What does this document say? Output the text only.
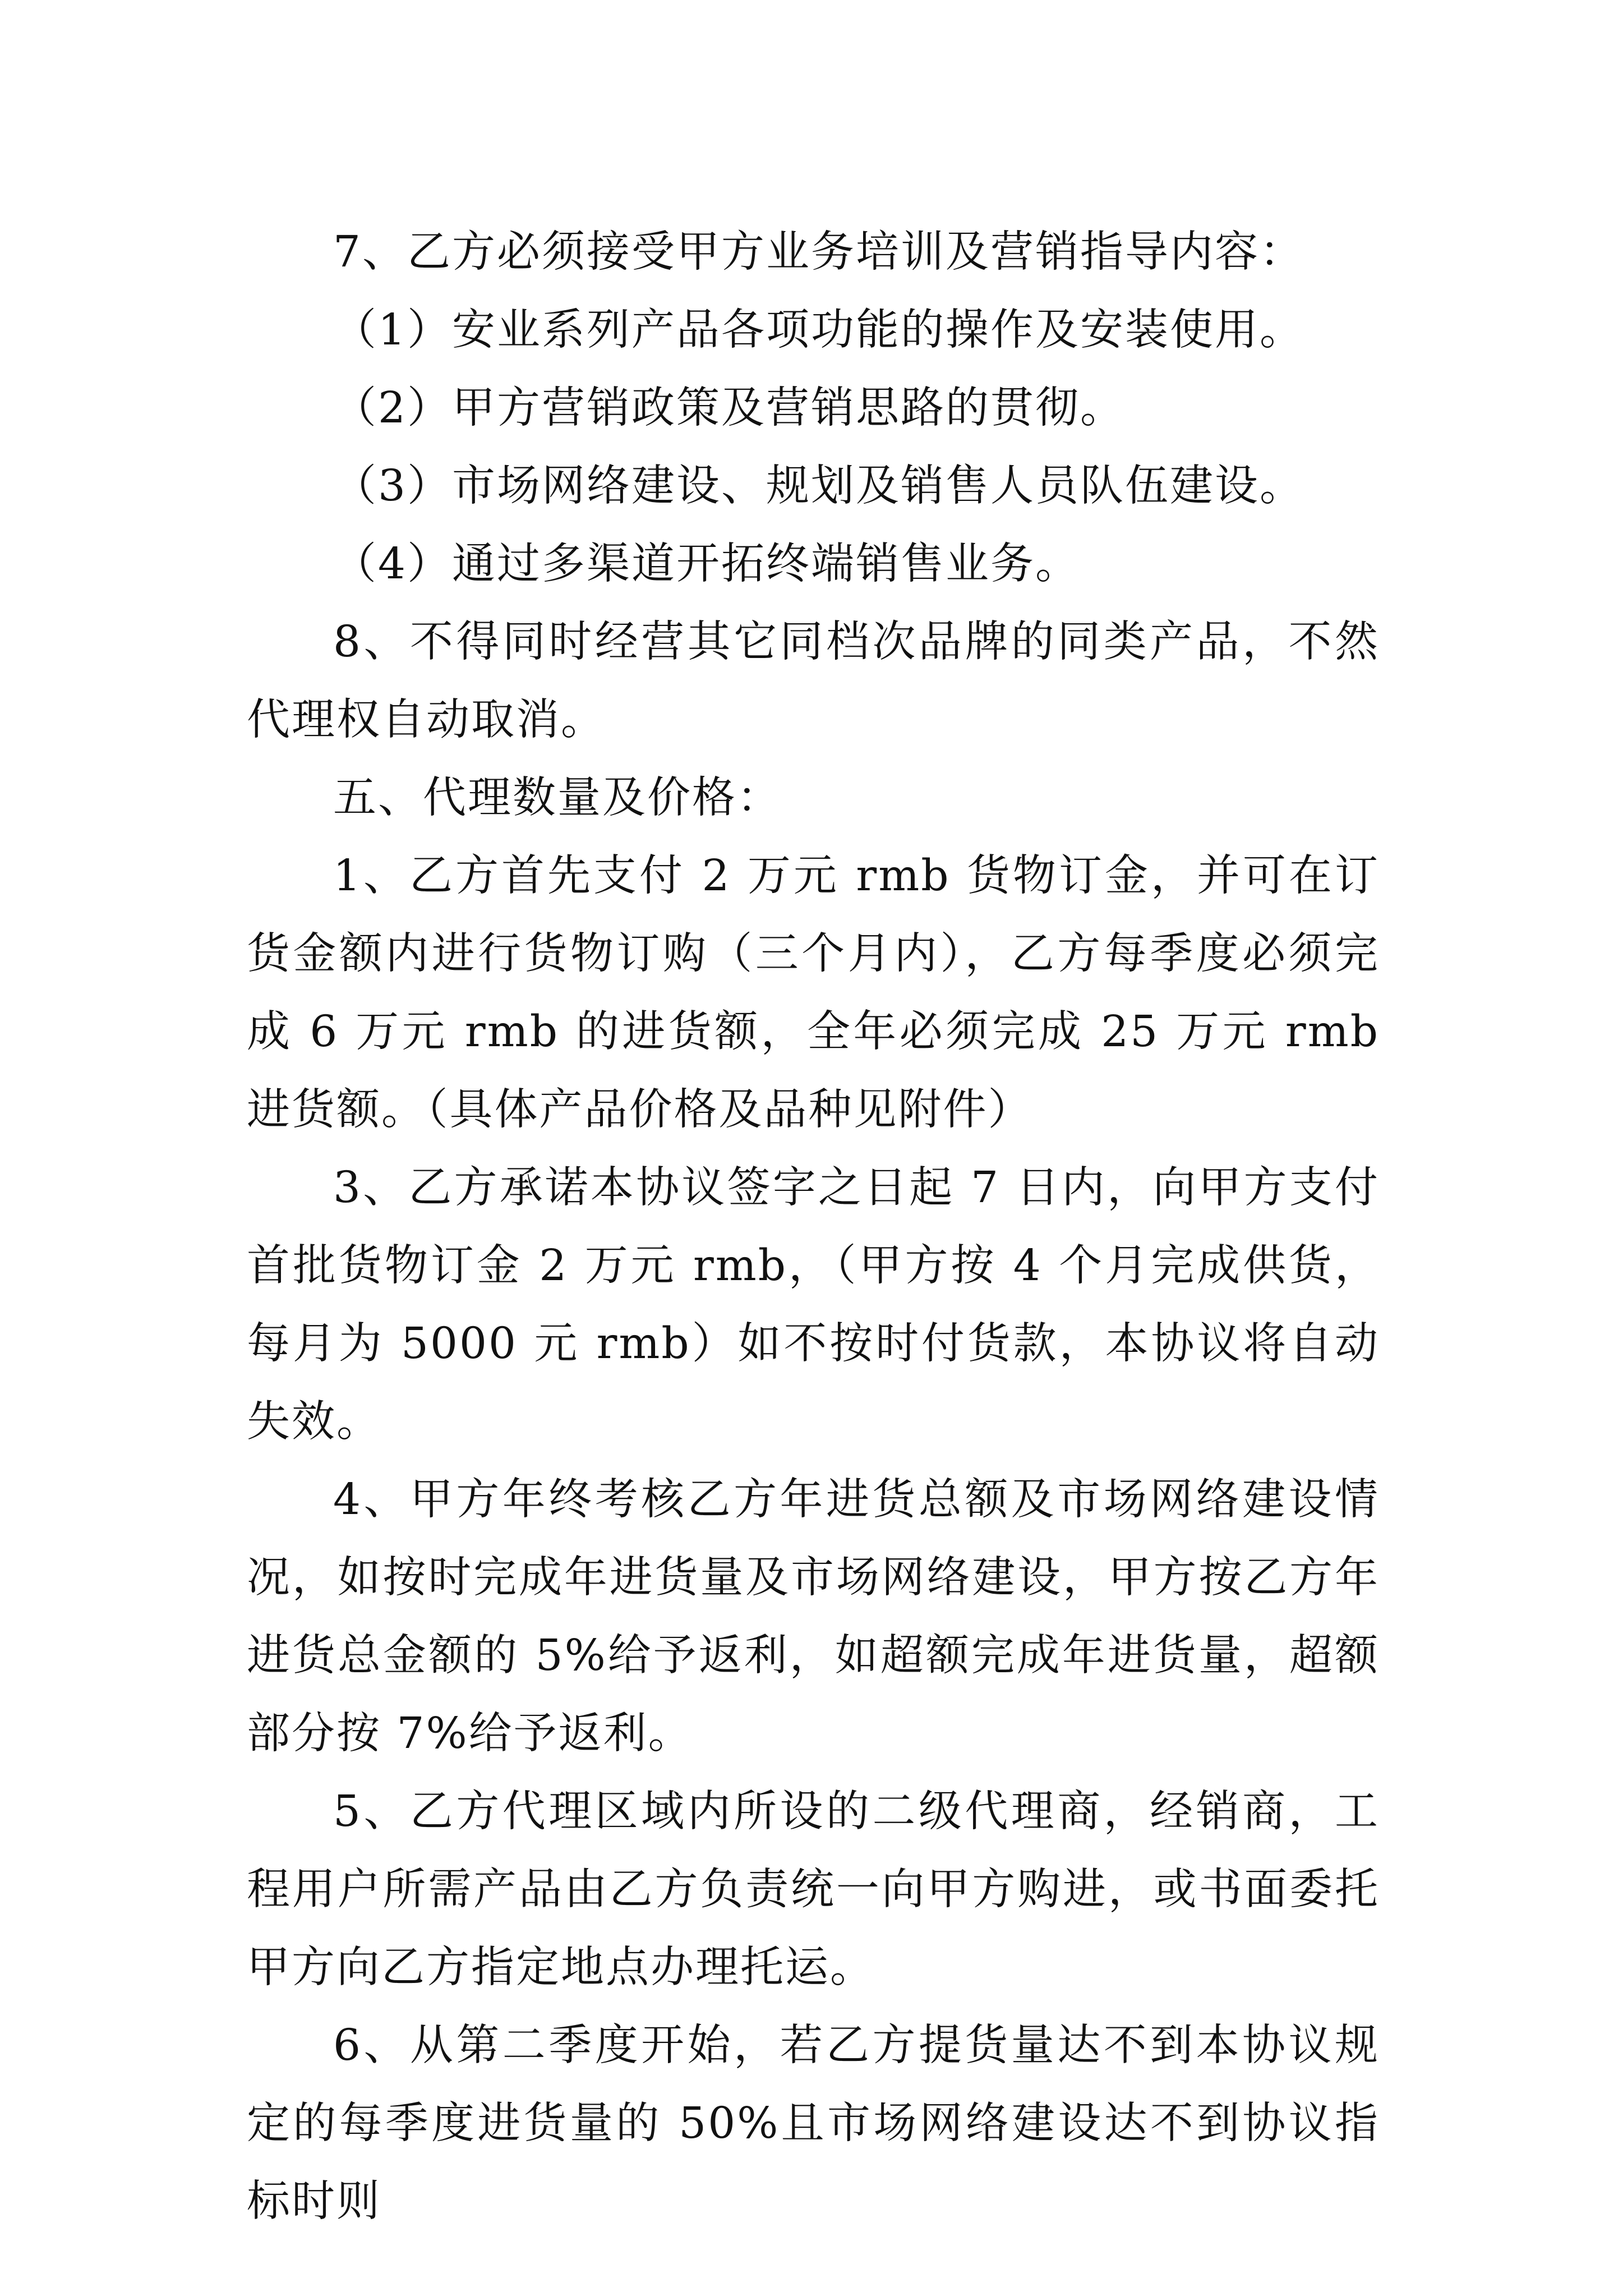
7、乙方必须接受甲方业务培训及营销指导内容：

（1）安业系列产品各项功能的操作及安装使用。

（2）甲方营销政策及营销思路的贯彻。

（3）市场网络建设、规划及销售人员队伍建设。

（4）通过多渠道开拓终端销售业务。

8、不得同时经营其它同档次品牌的同类产品，不然代理权自动取消。

五、代理数量及价格：

1、乙方首先支付 2 万元 rmb 货物订金，并可在订货金额内进行货物订购（三个月内），乙方每季度必须完成 6 万元 rmb 的进货额，全年必须完成 25 万元 rmb 进货额。（具体产品价格及品种见附件）

3、乙方承诺本协议签字之日起 7 日内，向甲方支付首批货物订金 2 万元 rmb，（甲方按 4 个月完成供货，每月为 5000 元 rmb）如不按时付货款，本协议将自动失效。

4、甲方年终考核乙方年进货总额及市场网络建设情况，如按时完成年进货量及市场网络建设，甲方按乙方年进货总金额的 5%给予返利，如超额完成年进货量，超额部分按 7%给予返利。

5、乙方代理区域内所设的二级代理商，经销商，工程用户所需产品由乙方负责统一向甲方购进，或书面委托甲方向乙方指定地点办理托运。

6、从第二季度开始，若乙方提货量达不到本协议规定的每季度进货量的 50%且市场网络建设达不到协议指标时则
